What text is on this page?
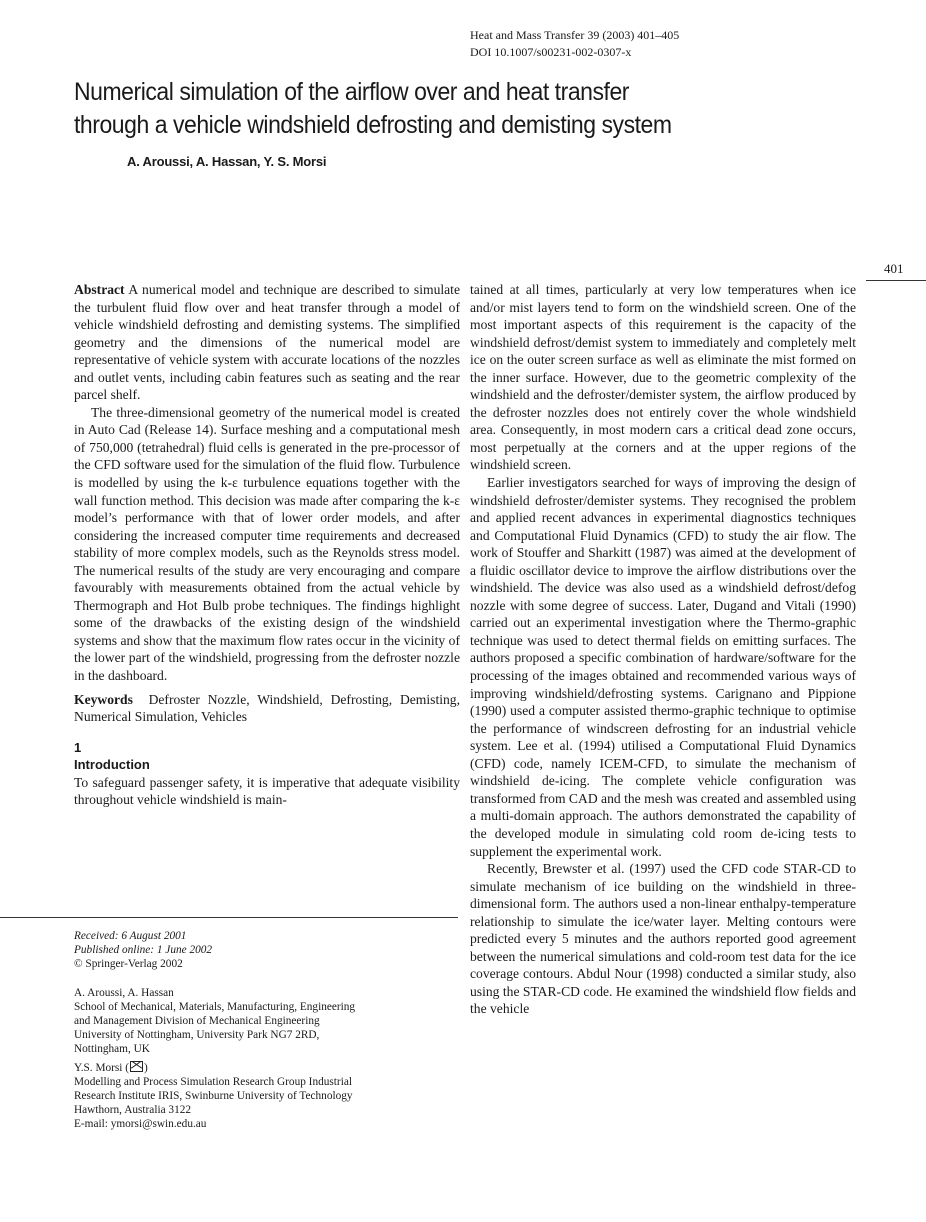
Heat and Mass Transfer 39 (2003) 401–405
DOI 10.1007/s00231-002-0307-x
Numerical simulation of the airflow over and heat transfer
through a vehicle windshield defrosting and demisting system
A. Aroussi, A. Hassan, Y. S. Morsi
401

Abstract A numerical model and technique are described to simulate the turbulent fluid flow over and heat transfer through a model of vehicle windshield defrosting and demisting systems. The simplified geometry and the dimensions of the numerical model are representative of vehicle system with accurate locations of the nozzles and outlet vents, including cabin features such as seating and the rear parcel shelf.

The three-dimensional geometry of the numerical model is created in Auto Cad (Release 14). Surface meshing and a computational mesh of 750,000 (tetrahedral) fluid cells is generated in the pre-processor of the CFD software used for the simulation of the fluid flow. Turbulence is modelled by using the k-ε turbulence equations together with the wall function method. This decision was made after comparing the k-ε model’s performance with that of lower order models, and after considering the increased computer time requirements and decreased stability of more complex models, such as the Reynolds stress model. The numerical results of the study are very encouraging and compare favourably with measurements obtained from the actual vehicle by Thermograph and Hot Bulb probe techniques. The findings highlight some of the drawbacks of the existing design of the windshield systems and show that the maximum flow rates occur in the vicinity of the lower part of the windshield, progressing from the defroster nozzle in the dashboard.

Keywords Defroster Nozzle, Windshield, Defrosting, Demisting, Numerical Simulation, Vehicles

1

Introduction

To safeguard passenger safety, it is imperative that adequate visibility throughout vehicle windshield is main-

Received: 6 August 2001

Published online: 1 June 2002

© Springer-Verlag 2002

A. Aroussi, A. Hassan

School of Mechanical, Materials, Manufacturing, Engineering

and Management Division of Mechanical Engineering

University of Nottingham, University Park NG7 2RD,

Nottingham, UK

Y.S. Morsi ( )

Modelling and Process Simulation Research Group Industrial

Research Institute IRIS, Swinburne University of Technology

Hawthorn, Australia 3122

E-mail: ymorsi@swin.edu.au

tained at all times, particularly at very low temperatures when ice and/or mist layers tend to form on the windshield screen. One of the most important aspects of this requirement is the capacity of the windshield defrost/demist system to immediately and completely melt ice on the outer screen surface as well as eliminate the mist formed on the inner surface. However, due to the geometric complexity of the windshield and the defroster/demister system, the airflow produced by the defroster nozzles does not entirely cover the whole windshield area. Consequently, in most modern cars a critical dead zone occurs, most perpetually at the corners and at the upper regions of the windshield screen.

Earlier investigators searched for ways of improving the design of windshield defroster/demister systems. They recognised the problem and applied recent advances in experimental diagnostics techniques and Computational Fluid Dynamics (CFD) to study the air flow. The work of Stouffer and Sharkitt (1987) was aimed at the development of a fluidic oscillator device to improve the airflow distributions over the windshield. The device was also used as a windshield defrost/defog nozzle with some degree of success. Later, Dugand and Vitali (1990) carried out an experimental investigation where the Thermo-graphic technique was used to detect thermal fields on emitting surfaces. The authors proposed a specific combination of hardware/software for the processing of the images obtained and recommended various ways of improving windshield/defrosting systems. Carignano and Pippione (1990) used a computer assisted thermo-graphic technique to optimise the performance of windscreen defrosting for an industrial vehicle system. Lee et al. (1994) utilised a Computational Fluid Dynamics (CFD) code, namely ICEM-CFD, to simulate the mechanism of windshield de-icing. The complete vehicle configuration was transformed from CAD and the mesh was created and assembled using a multi-domain approach. The authors demonstrated the capability of the developed module in simulating cold room de-icing tests to supplement the experimental work.

Recently, Brewster et al. (1997) used the CFD code STAR-CD to simulate mechanism of ice building on the windshield in three-dimensional form. The authors used a non-linear enthalpy-temperature relationship to simulate the ice/water layer. Melting contours were predicted every 5 minutes and the authors reported good agreement between the numerical simulations and cold-room test data for the ice coverage contours. Abdul Nour (1998) conducted a similar study, also using the STAR-CD code. He examined the windshield flow fields and the vehicle
